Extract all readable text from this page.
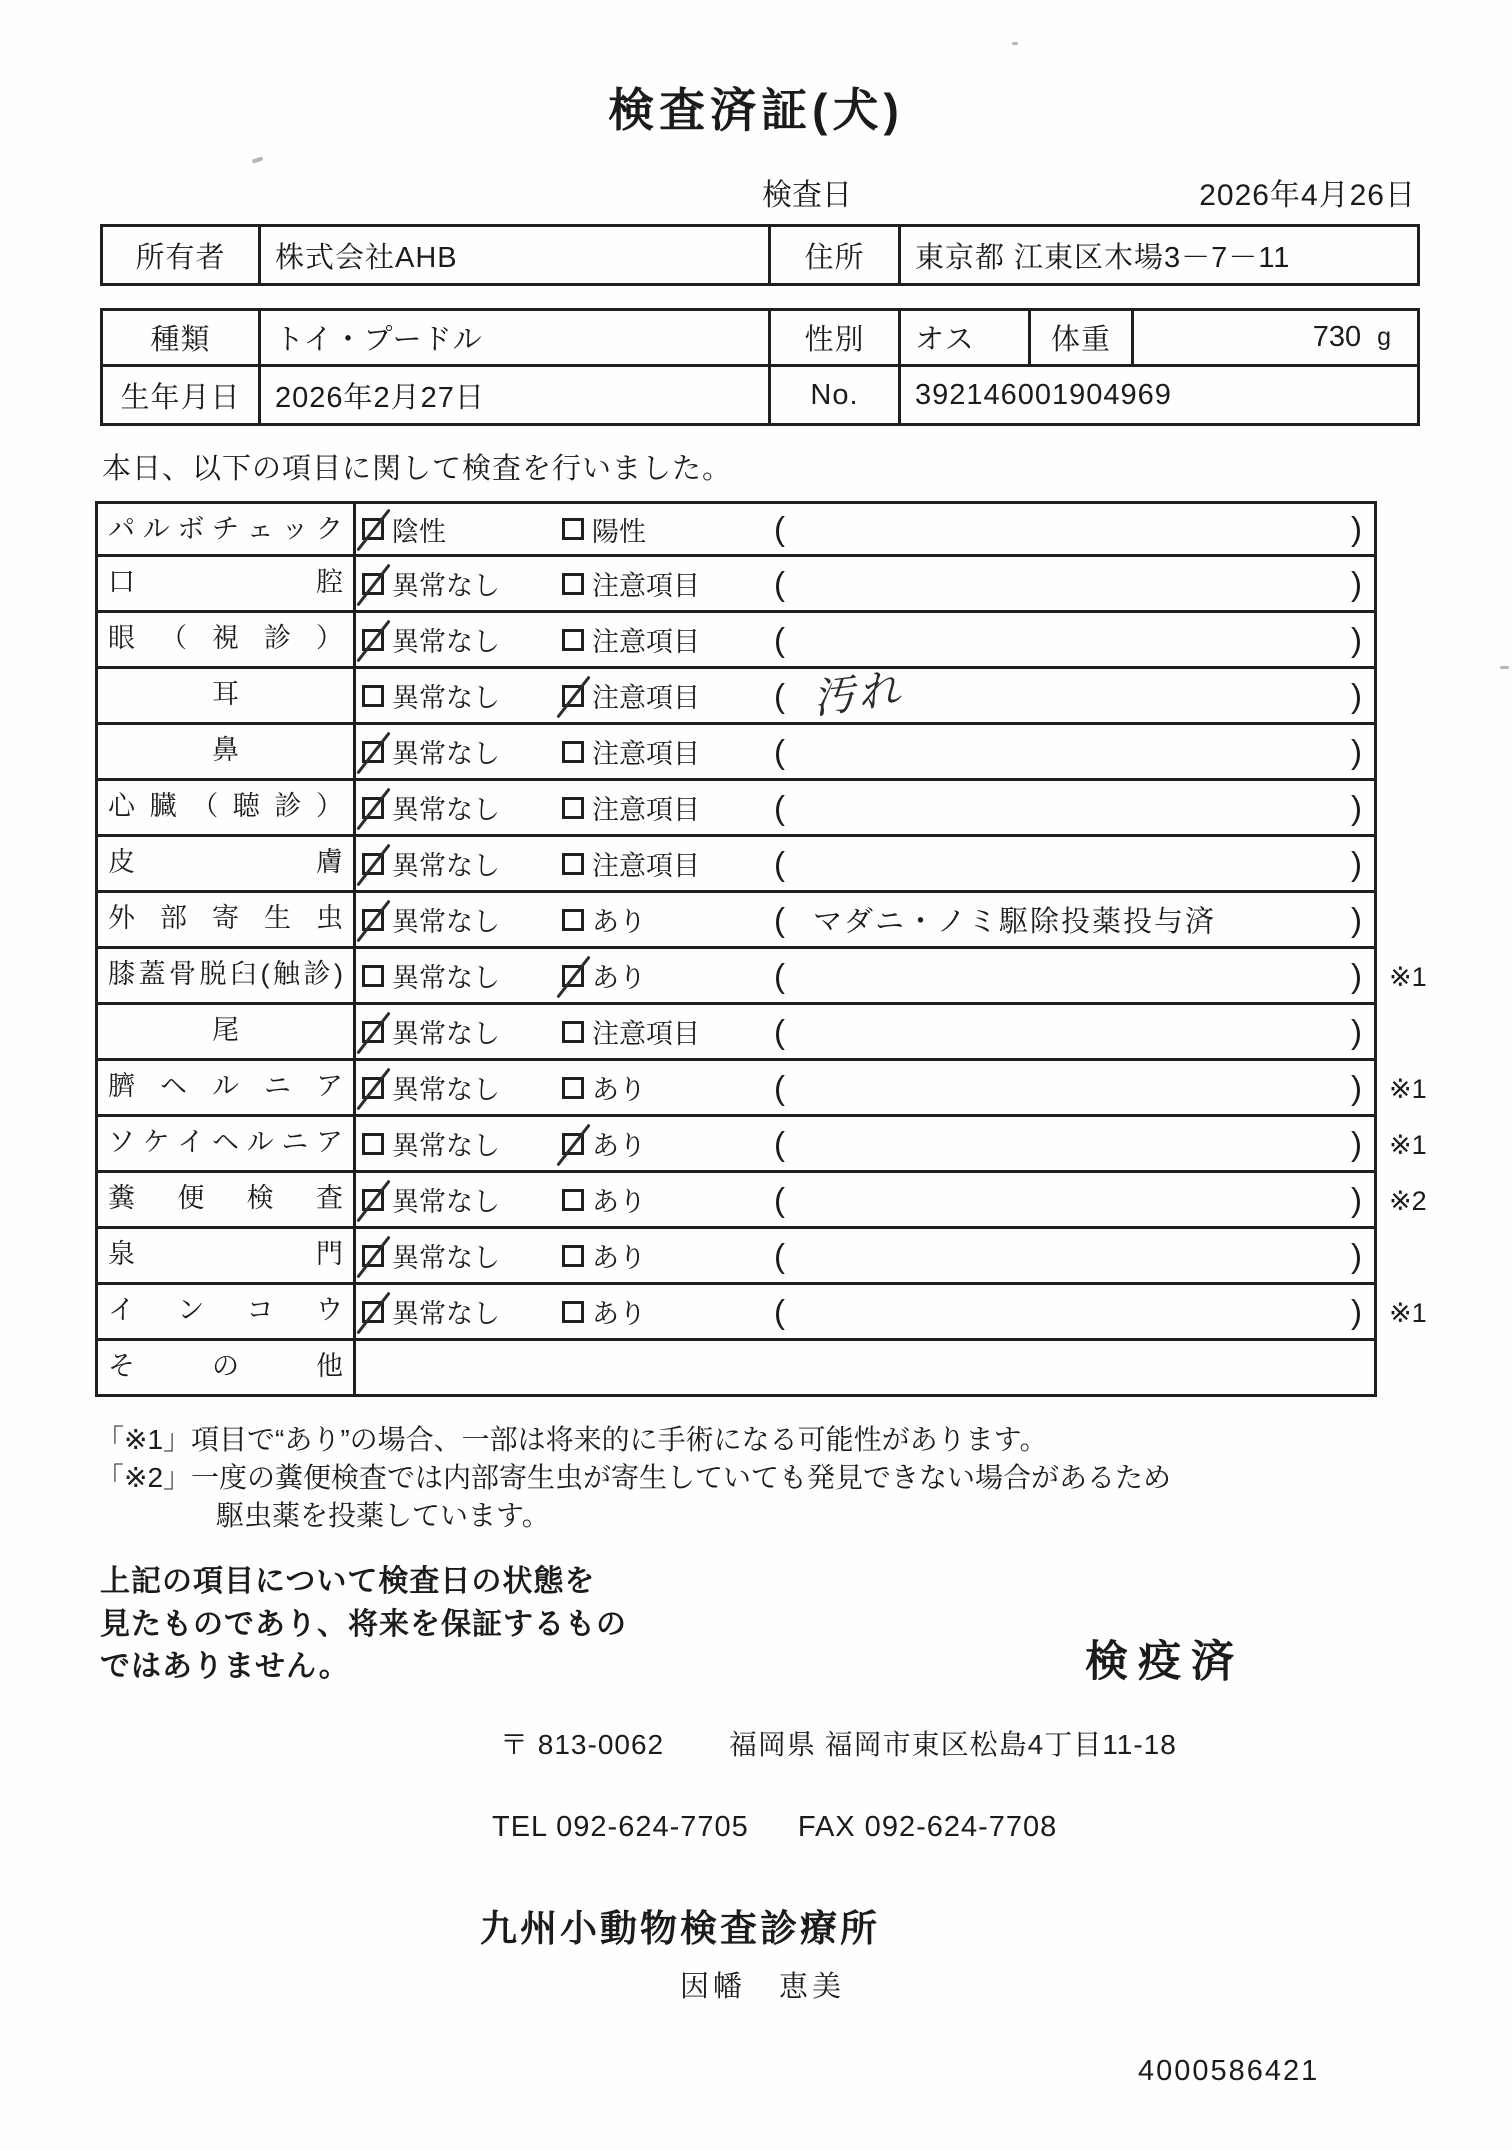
検査済証(犬)
検査日	2026年4月26日
所有者	株式会社AHB	住所	東京都 江東区木場3－7－11
種類	トイ・プードル	性別	オス	体重	730 g
生年月日	2026年2月27日	No.	392146001904969
本日、以下の項目に関して検査を行いました。
パ ル ボ チ ェ ッ ク	陰性	陽性	(	)
口 腔	異常なし	注意項目 (	)
眼 （ 視 診 ）	異常なし	注意項目 (	)
耳	異常なし	注意項目 ( 汚れ	)
鼻	異常なし	注意項目 (	)
心 臓 （ 聴 診 ）	異常なし	注意項目 (	)
皮 膚	異常なし	注意項目 (	)
外 部 寄 生 虫	異常なし	あり	( マダニ・ノミ駆除投薬投与済	)
膝蓋骨脱臼(触診)	異常なし	あり	(	)	※1
尾	異常なし	注意項目 (	)
臍 ヘ ル ニ ア	異常なし	あり	(	)	※1
ソ ケ イ ヘ ル ニ ア	異常なし	あり	(	)	※1
糞 便 検 査	異常なし	あり	(	)	※2
泉 門	異常なし	あり	(	)
イ ン コ ウ	異常なし	あり	(	)	※1
そ の 他
「※1」項目で“あり”の場合、一部は将来的に手術になる可能性があります。
「※2」一度の糞便検査では内部寄生虫が寄生していても発見できない場合があるため
駆虫薬を投薬しています。
上記の項目について検査日の状態を
見たものであり、将来を保証するもの
ではありません。	検疫済
〒 813-0062 福岡県 福岡市東区松島4丁目11-18
TEL 092-624-7705 FAX 092-624-7708
九州小動物検査診療所
因幡　恵美
4000586421
